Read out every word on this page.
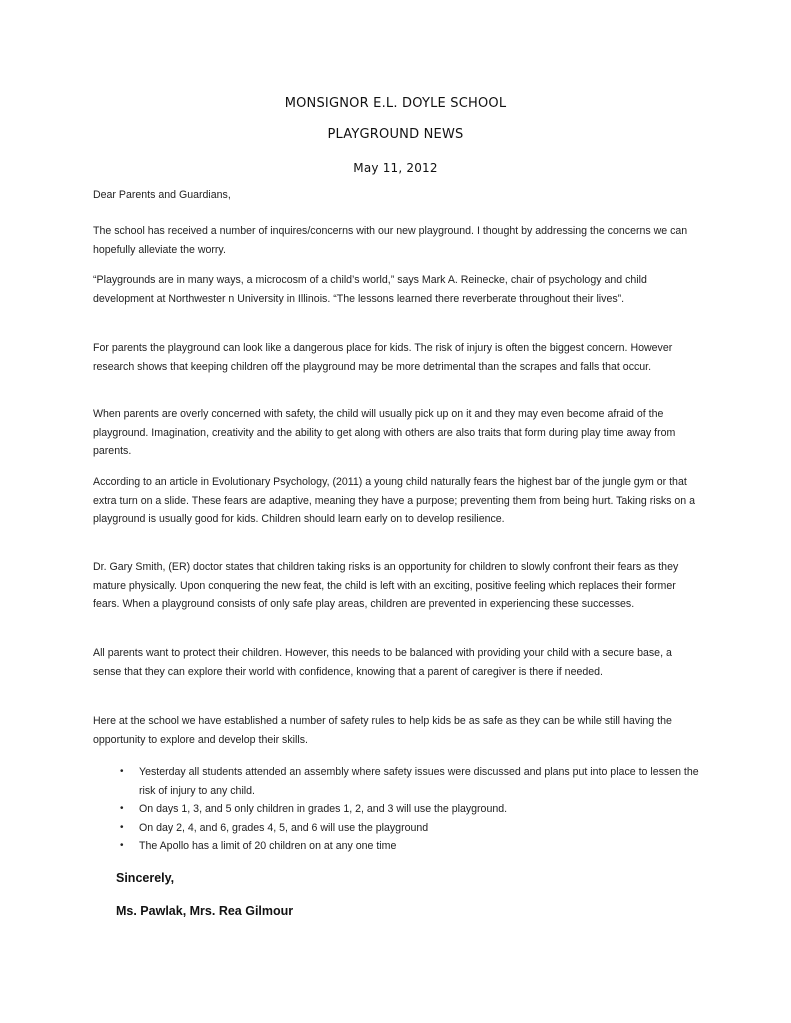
MONSIGNOR E.L. DOYLE SCHOOL
PLAYGROUND NEWS
May 11, 2012
Dear Parents and Guardians,
The school has received a number of inquires/concerns with our new playground. I thought by addressing the concerns we can hopefully alleviate the worry.
“Playgrounds are in many ways, a microcosm of a child’s world,” says Mark A. Reinecke, chair of psychology and child development at Northwester n University in Illinois. “The lessons learned there reverberate throughout their lives”.
For parents the playground can look like a dangerous place for kids. The risk of injury is often the biggest concern. However research shows that keeping children off the playground may be more detrimental than the scrapes and falls that occur.
When parents are overly concerned with safety, the child will usually pick up on it and they may even become afraid of the playground. Imagination, creativity and the ability to get along with others are also traits that form during play time away from parents.
According to an article in Evolutionary Psychology, (2011) a young child naturally fears the highest bar of the jungle gym or that extra turn on a slide. These fears are adaptive, meaning they have a purpose; preventing them from being hurt. Taking risks on a playground is usually good for kids. Children should learn early on to develop resilience.
Dr. Gary Smith, (ER) doctor states that children taking risks is an opportunity for children to slowly confront their fears as they mature physically. Upon conquering the new feat, the child is left with an exciting, positive feeling which replaces their former fears. When a playground consists of only safe play areas, children are prevented in experiencing these successes.
All parents want to protect their children. However, this needs to be balanced with providing your child with a secure base, a sense that they can explore their world with confidence, knowing that a parent of caregiver is there if needed.
Here at the school we have established a number of safety rules to help kids be as safe as they can be while still having the opportunity to explore and develop their skills.
• Yesterday all students attended an assembly where safety issues were discussed and plans put into place to lessen the risk of injury to any child.
• On days 1, 3, and 5 only children in grades 1, 2, and 3 will use the playground.
• On day 2, 4, and 6, grades 4, 5, and 6 will use the playground
• The Apollo has a limit of 20 children on at any one time
Sincerely,
Ms. Pawlak, Mrs. Rea Gilmour
